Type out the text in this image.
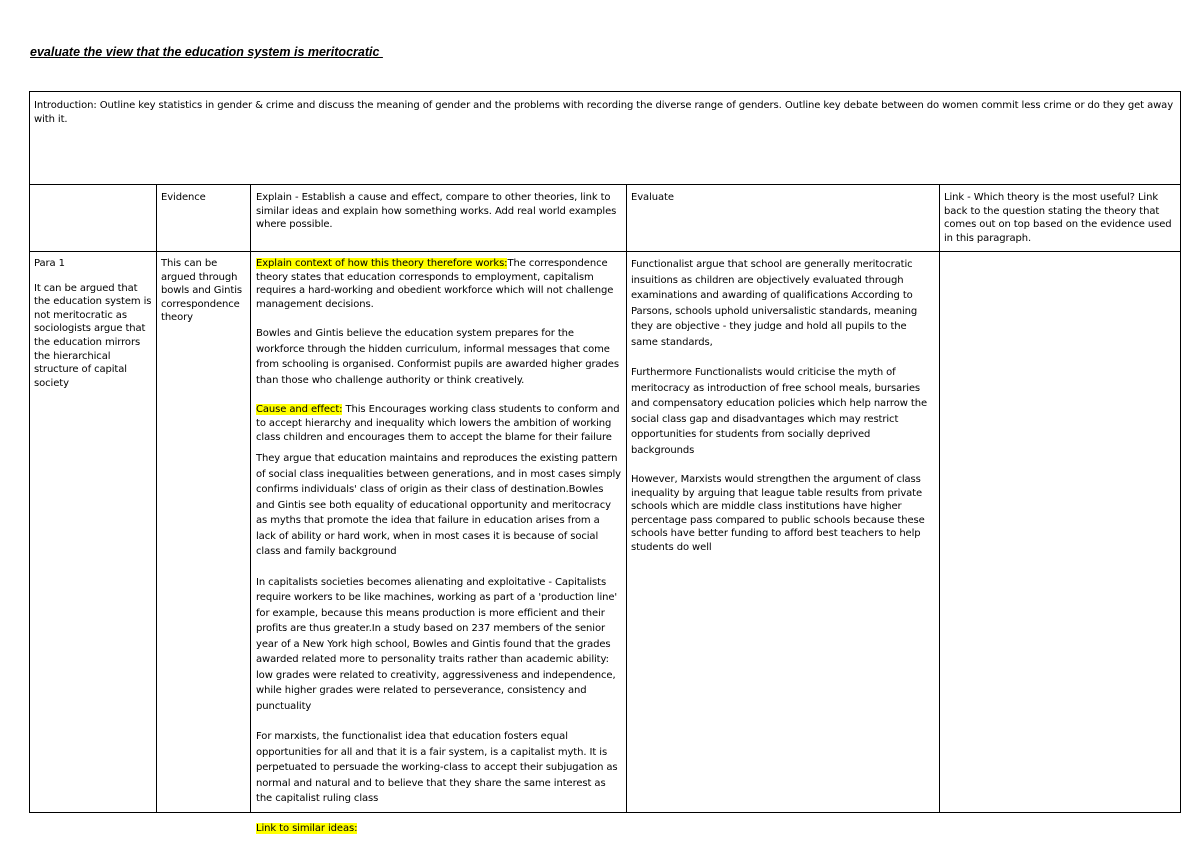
evaluate the view that the education system is meritocratic
Introduction: Outline key statistics in gender & crime and discuss the meaning of gender and the problems with recording the diverse range of genders. Outline key debate between do women commit less crime or do they get away with it.
Evidence	Explain - Establish a cause and effect, compare to other theories, link to similar ideas and explain how something works. Add real world examples where possible.
Evaluate	Link - Which theory is the most useful? Link back to the question stating the theory that comes out on top based on the evidence used in this paragraph.

Para 1

It can be argued that the education system is not meritocratic as sociologists argue that the education mirrors the hierarchical structure of capital society

This can be argued through bowls and Gintis correspondence theory

Explain context of how this theory therefore works:The correspondence theory states that education corresponds to employment, capitalism requires a hard-working and obedient workforce which will not challenge management decisions.

Bowles and Gintis believe the education system prepares for the workforce through the hidden curriculum, informal messages that come from schooling is organised. Conformist pupils are awarded higher grades than those who challenge authority or think creatively.

Cause and effect: This Encourages working class students to conform and to accept hierarchy and inequality which lowers the ambition of working class children and encourages them to accept the blame for their failure

They argue that education maintains and reproduces the existing pattern of social class inequalities between generations, and in most cases simply confirms individuals' class of origin as their class of destination.Bowles and Gintis see both equality of educational opportunity and meritocracy as myths that promote the idea that failure in education arises from a lack of ability or hard work, when in most cases it is because of social class and family background

In capitalists societies becomes alienating and exploitative - Capitalists require workers to be like machines, working as part of a 'production line' for example, because this means production is more efficient and their profits are thus greater.In a study based on 237 members of the senior year of a New York high school, Bowles and Gintis found that the grades awarded related more to personality traits rather than academic ability: low grades were related to creativity, aggressiveness and independence, while higher grades were related to perseverance, consistency and punctuality

For marxists, the functionalist idea that education fosters equal opportunities for all and that it is a fair system, is a capitalist myth. It is perpetuated to persuade the working-class to accept their subjugation as normal and natural and to believe that they share the same interest as the capitalist ruling class

Link to similar ideas:

Functionalist argue that school are generally meritocratic insuitions as children are objectively evaluated through examinations and awarding of qualifications According to Parsons, schools uphold universalistic standards, meaning they are objective - they judge and hold all pupils to the same standards,

Furthermore Functionalists would criticise the myth of meritocracy as introduction of free school meals, bursaries and compensatory education policies which help narrow the social class gap and disadvantages which may restrict opportunities for students from socially deprived backgrounds

However, Marxists would strengthen the argument of class inequality by arguing that league table results from private schools which are middle class institutions have higher percentage pass compared to public schools because these schools have better funding to afford best teachers to help students do well
